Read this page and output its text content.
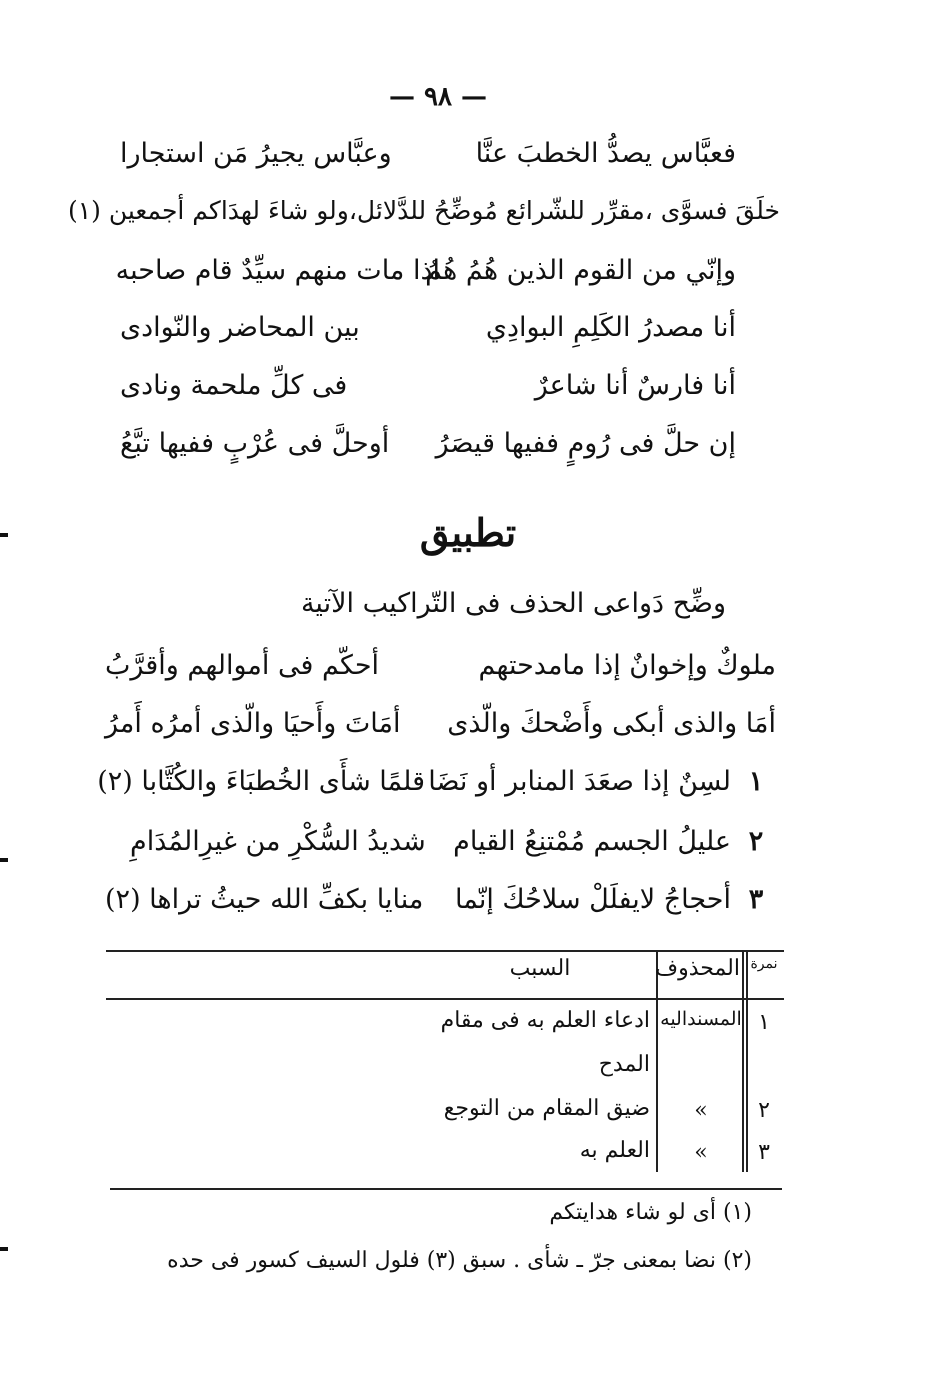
— ٩٨ —
فعبَّاس يصدُّ الخطبَ عنَّا
وعبَّاس يجيرُ مَن استجارا
خلَقَ فسوَّى ،مقرِّر للشّرائع مُوضِّحُ للدَّلائل،ولو شاءَ لهدَاكم أجمعين (١)
وإنّي من القوم الذين هُمُ هُمُ
اذا مات منهم سيِّدٌ قام صاحبه
أنا مصدرُ الكَلِمِ البوادِي
بين المحاضر والنّوادى
أنا فارسٌ أنا شاعرٌ
فى كلِّ ملحمة ونادى
إن حلَّ فى رُومٍ ففيها قيصَرُ
أوحلَّ فى عُرْبٍ ففيها تبَّعُ
تطبيق
وضِّح دَواعى الحذف فى التّراكيب الآتية
ملوكٌ وإخوانٌ إذا مامدحتهم
أحكّم فى أموالهم وأقرَّبُ
أمَا والذى أبكى وأَضْحكَ والّذى
أمَاتَ وأَحيَا والّذى أمرُه أَمرُ
١
لسِنٌ إذا صعَدَ المنابر أو نَضَا
قلمًا شأَى الخُطبَاءَ والكُتَّابا (٢)
٢
عليلُ الجسم مُمْتنِعُ القيام
شديدُ السُّكْرِ من غيرِالمُدَامِ
٣
أحجاجُ لايفلَلْ سلاحُكَ إنّما
منايا بكفِّ الله حيثُ تراها (٢)
نمرة
المحذوف
السبب
١
المسنداليه
ادعاء العلم به فى مقام
المدح
٢
»
ضيق المقام من التوجع
٣
»
العلم به
(١) أى لو شاء هدايتكم
(٢) نضا بمعنى جرّ ـ شأى . سبق (٣) فلول السيف كسور فى حده
